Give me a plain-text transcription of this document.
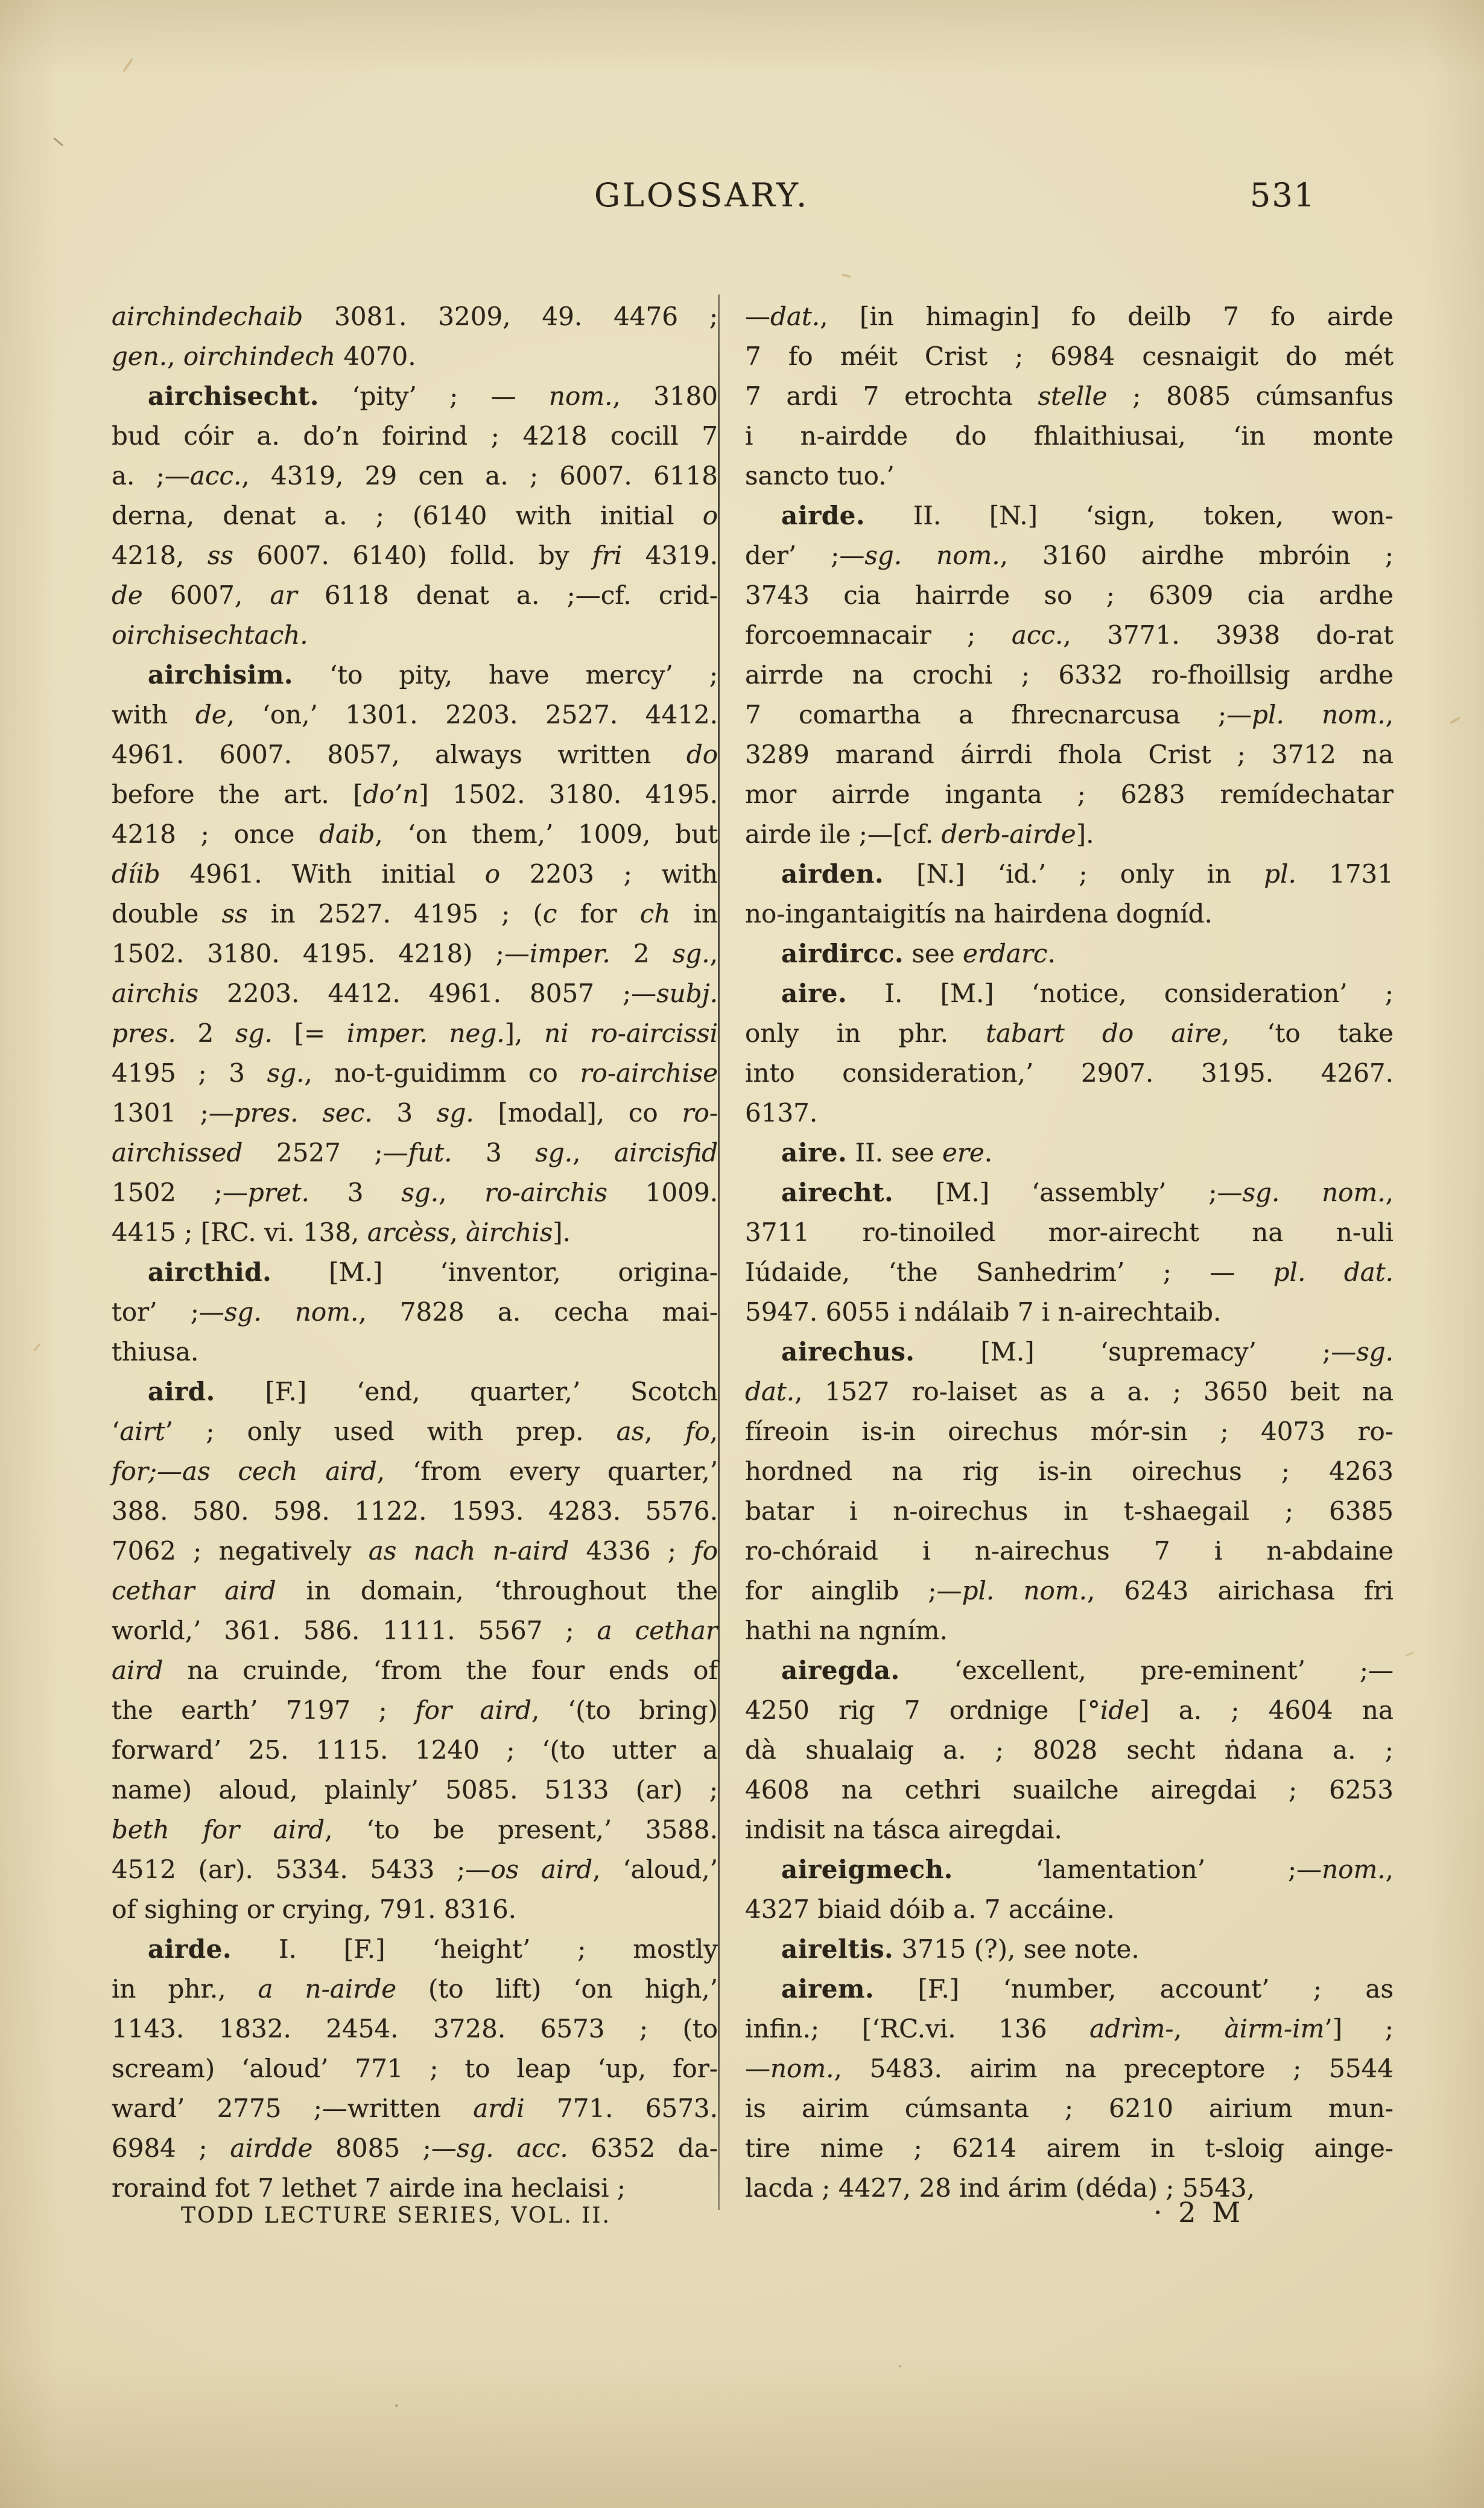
GLOSSARY.	531
airchindechaib 3081. 3209, 49. 4476 ;
gen., oirchindech 4070.
airchisecht. ‘pity’ ; — nom., 3180
bud cóir a. do’n foirind ; 4218 cocill 7
a. ;—acc., 4319, 29 cen a. ; 6007. 6118
derna, denat a. ; (6140 with initial o
4218, ss 6007. 6140) folld. by fri 4319.
de 6007, ar 6118 denat a. ;—cf. crid-
oirchisechtach.
airchisim. ‘to pity, have mercy’ ;
with de, ‘on,’ 1301. 2203. 2527. 4412.
4961. 6007. 8057, always written do
before the art. [do’n] 1502. 3180. 4195.
4218 ; once daib, ‘on them,’ 1009, but
díib 4961. With initial o 2203 ; with
double ss in 2527. 4195 ; (c for ch in
1502. 3180. 4195. 4218) ;—imper. 2 sg.,
airchis 2203. 4412. 4961. 8057 ;—subj.
pres. 2 sg. [= imper. neg.], ni ro-aircissi
4195 ; 3 sg., no-t-guidimm co ro-airchise
1301 ;—pres. sec. 3 sg. [modal], co ro-
airchissed 2527 ;—fut. 3 sg., aircisfid
1502 ;—pret. 3 sg., ro-airchis 1009.
4415 ; [RC. vi. 138, arcèss, àirchis].
aircthid. [M.] ‘inventor, origina-
tor’ ;—sg. nom., 7828 a. cecha mai-
thiusa.
aird. [F.] ‘end, quarter,’ Scotch
‘airt’ ; only used with prep. as, fo,
for;—as cech aird, ‘from every quarter,’
388. 580. 598. 1122. 1593. 4283. 5576.
7062 ; negatively as nach n-aird 4336 ; fo
cethar aird in domain, ‘throughout the
world,’ 361. 586. 1111. 5567 ; a cethar
aird na cruinde, ‘from the four ends of
the earth’ 7197 ; for aird, ‘(to bring)
forward’ 25. 1115. 1240 ; ‘(to utter a
name) aloud, plainly’ 5085. 5133 (ar) ;
beth for aird, ‘to be present,’ 3588.
4512 (ar). 5334. 5433 ;—os aird, ‘aloud,’
of sighing or crying, 791. 8316.
airde. I. [F.] ‘height’ ; mostly
in phr., a n-airde (to lift) ‘on high,’
1143. 1832. 2454. 3728. 6573 ; (to
scream) ‘aloud’ 771 ; to leap ‘up, for-
ward’ 2775 ;—written ardi 771. 6573.
6984 ; airdde 8085 ;—sg. acc. 6352 da-
roraind fot 7 lethet 7 airde ina heclaisi ;
—dat., [in himagin] fo deilb 7 fo airde
7 fo méit Crist ; 6984 cesnaigit do mét
7 ardi 7 etrochta stelle ; 8085 cúmsanfus
i n-airdde do fhlaithiusai, ‘in monte
sancto tuo.’
airde. II. [N.] ‘sign, token, won-
der’ ;—sg. nom., 3160 airdhe mbróin ;
3743 cia hairrde so ; 6309 cia ardhe
forcoemnacair ; acc., 3771. 3938 do-rat
airrde na crochi ; 6332 ro-fhoillsig ardhe
7 comartha a fhrecnarcusa ;—pl. nom.,
3289 marand áirrdi fhola Crist ; 3712 na
mor airrde inganta ; 6283 remídechatar
airde ile ;—[cf. derb-airde].
airden. [N.] ‘id.’ ; only in pl. 1731
no-ingantaigitís na hairdena dogníd.
airdircc. see erdarc.
aire. I. [M.] ‘notice, consideration’ ;
only in phr. tabart do aire, ‘to take
into consideration,’ 2907. 3195. 4267.
6137.
aire. II. see ere.
airecht. [M.] ‘assembly’ ;—sg. nom.,
3711 ro-tinoiled mor-airecht na n-uli
Iúdaide, ‘the Sanhedrim’ ; — pl. dat.
5947. 6055 i ndálaib 7 i n-airechtaib.
airechus. [M.] ‘supremacy’ ;—sg.
dat., 1527 ro-laiset as a a. ; 3650 beit na
fíreoin is-in oirechus mór-sin ; 4073 ro-
hordned na rig is-in oirechus ; 4263
batar i n-oirechus in t-shaegail ; 6385
ro-chóraid i n-airechus 7 i n-abdaine
for ainglib ;—pl. nom., 6243 airichasa fri
hathi na ngním.
airegda. ‘excellent, pre-eminent’ ;—
4250 rig 7 ordnige [°ide] a. ; 4604 na
dà shualaig a. ; 8028 secht ṅdana a. ;
4608 na cethri suailche airegdai ; 6253
indisit na tásca airegdai.
aireigmech. ‘lamentation’ ;—nom.,
4327 biaid dóib a. 7 accáine.
aireltis. 3715 (?), see note.
airem. [F.] ‘number, account’ ; as
infin.; [‘RC.vi. 136 adrìm-, àirm-im’] ;
—nom., 5483. airim na preceptore ; 5544
is airim cúmsanta ; 6210 airium mun-
tire nime ; 6214 airem in t-sloig ainge-
lacda ; 4427, 28 ind árim (déda) ; 5543,
TODD LECTURE SERIES, VOL. II.	· 2 M
